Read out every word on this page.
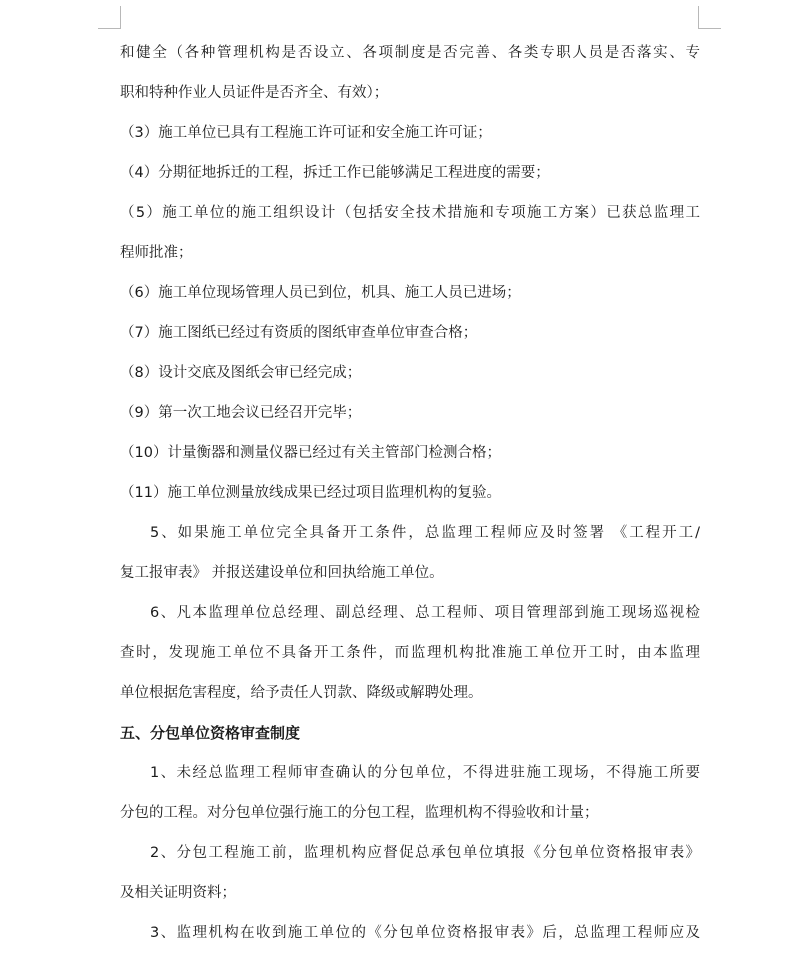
和健全（各种管理机构是否设立、各项制度是否完善、各类专职人员是否落实、专
职和特种作业人员证件是否齐全、有效）；
（3）施工单位已具有工程施工许可证和安全施工许可证；
（4）分期征地拆迁的工程，拆迁工作已能够满足工程进度的需要；
（5）施工单位的施工组织设计（包括安全技术措施和专项施工方案）已获总监理工
程师批准；
（6）施工单位现场管理人员已到位，机具、施工人员已进场；
（7）施工图纸已经过有资质的图纸审查单位审查合格；
（8）设计交底及图纸会审已经完成；
（9）第一次工地会议已经召开完毕；
（10）计量衡器和测量仪器已经过有关主管部门检测合格；
（11）施工单位测量放线成果已经过项目监理机构的复验。
5、如果施工单位完全具备开工条件，总监理工程师应及时签署 《工程开工/
复工报审表》 并报送建设单位和回执给施工单位。
6、凡本监理单位总经理、副总经理、总工程师、项目管理部到施工现场巡视检
查时，发现施工单位不具备开工条件，而监理机构批准施工单位开工时，由本监理
单位根据危害程度，给予责任人罚款、降级或解聘处理。
五、分包单位资格审查制度
1、未经总监理工程师审查确认的分包单位，不得进驻施工现场，不得施工所要
分包的工程。对分包单位强行施工的分包工程，监理机构不得验收和计量；
2、分包工程施工前，监理机构应督促总承包单位填报《分包单位资格报审表》
及相关证明资料；
3、监理机构在收到施工单位的《分包单位资格报审表》后，总监理工程师应及
